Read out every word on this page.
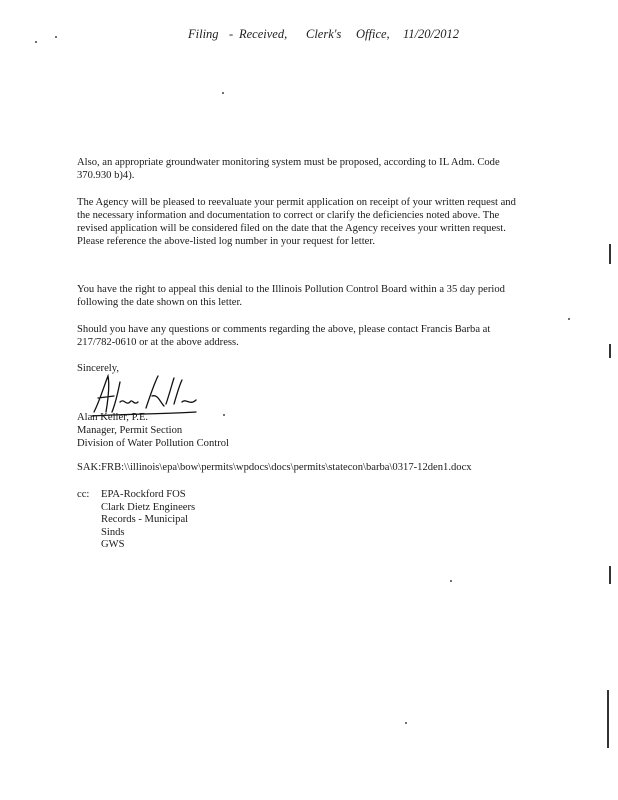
Filing - Received, Clerk's Office, 11/20/2012

Also, an appropriate groundwater monitoring system must be proposed, according to IL Adm. Code 370.930 b)4).

The Agency will be pleased to reevaluate your permit application on receipt of your written request and the necessary information and documentation to correct or clarify the deficiencies noted above. The revised application will be considered filed on the date that the Agency receives your written request. Please reference the above-listed log number in your request for letter.

You have the right to appeal this denial to the Illinois Pollution Control Board within a 35 day period following the date shown on this letter.

Should you have any questions or comments regarding the above, please contact Francis Barba at 217/782-0610 or at the above address.

Sincerely,
Alan Keller, P.E.
Manager, Permit Section
Division of Water Pollution Control
SAK:FRB:\\illinois\epa\bow\permits\wpdocs\docs\permits\statecon\barba\0317-12den1.docx
cc: EPA-Rockford FOS
Clark Dietz Engineers
Records - Municipal
Sinds
GWS
